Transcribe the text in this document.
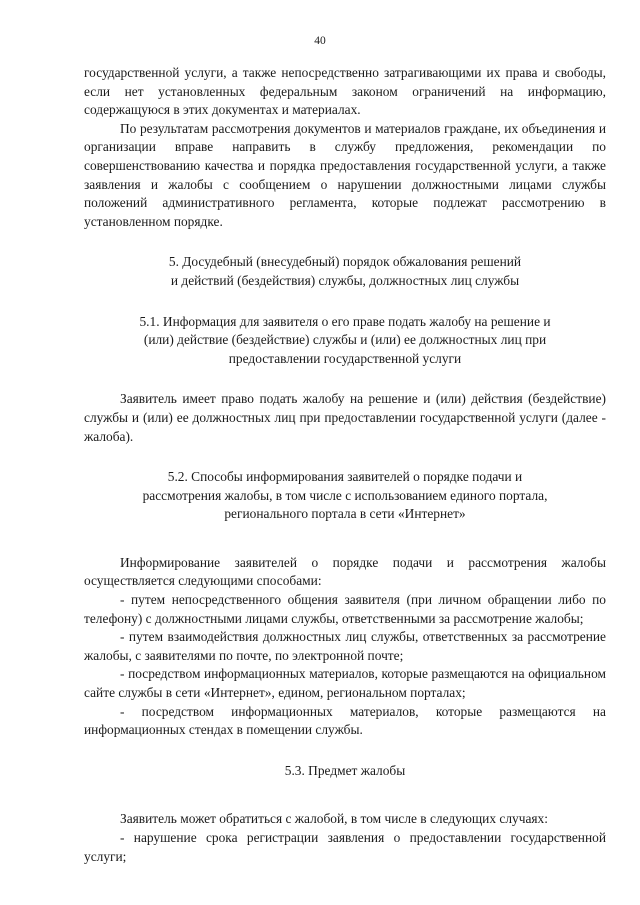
40

государственной услуги, а также непосредственно затрагивающими их права и свободы, если нет установленных федеральным законом ограничений на информацию, содержащуюся в этих документах и материалах.

По результатам рассмотрения документов и материалов граждане, их объединения и организации вправе направить в службу предложения, рекомендации по совершенствованию качества и порядка предоставления государственной услуги, а также заявления и жалобы с сообщением о нарушении должностными лицами службы положений административного регламента, которые подлежат рассмотрению в установленном порядке.

5. Досудебный (внесудебный) порядок обжалования решений

и действий (бездействия) службы, должностных лиц службы

5.1. Информация для заявителя о его праве подать жалобу на решение и

(или) действие (бездействие) службы и (или) ее должностных лиц при

предоставлении государственной услуги

Заявитель имеет право подать жалобу на решение и (или) действия (бездействие) службы и (или) ее должностных лиц при предоставлении государственной услуги (далее - жалоба).

5.2. Способы информирования заявителей о порядке подачи и

рассмотрения жалобы, в том числе с использованием единого портала,

регионального портала в сети «Интернет»

Информирование заявителей о порядке подачи и рассмотрения жалобы осуществляется следующими способами:

- путем непосредственного общения заявителя (при личном обращении либо по телефону) с должностными лицами службы, ответственными за рассмотрение жалобы;

- путем взаимодействия должностных лиц службы, ответственных за рассмотрение жалобы, с заявителями по почте, по электронной почте;

- посредством информационных материалов, которые размещаются на официальном сайте службы в сети «Интернет», едином, региональном порталах;

- посредством информационных материалов, которые размещаются на информационных стендах в помещении службы.

5.3. Предмет жалобы

Заявитель может обратиться с жалобой, в том числе в следующих случаях:

- нарушение срока регистрации заявления о предоставлении государственной услуги;
